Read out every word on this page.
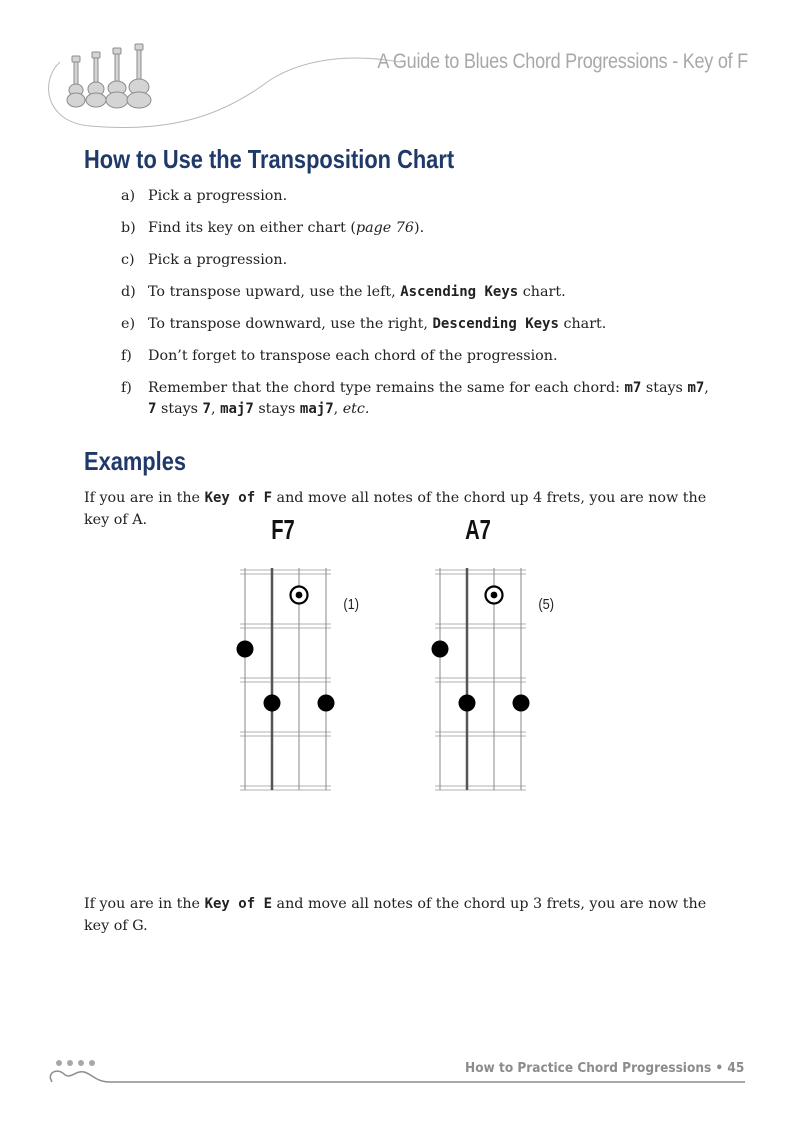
A Guide to Blues Chord Progressions - Key of F
How to Use the Transposition Chart
a) Pick a progression.
b) Find its key on either chart (page 76).
c) Pick a progression.
d) To transpose upward, use the left, Ascending Keys chart.
e) To transpose downward, use the right, Descending Keys chart.
f) Don’t forget to transpose each chord of the progression.
f) Remember that the chord type remains the same for each chord: m7 stays m7,
7 stays 7, maj7 stays maj7, etc.
Examples

If you are in the Key of F and move all notes of the chord up 4 frets, you are now the key of A.	F7	A7
(1)	(5)

If you are in the Key of E and move all notes of the chord up 3 frets, you are now the key of G.

How to Practice Chord Progressions • 45
